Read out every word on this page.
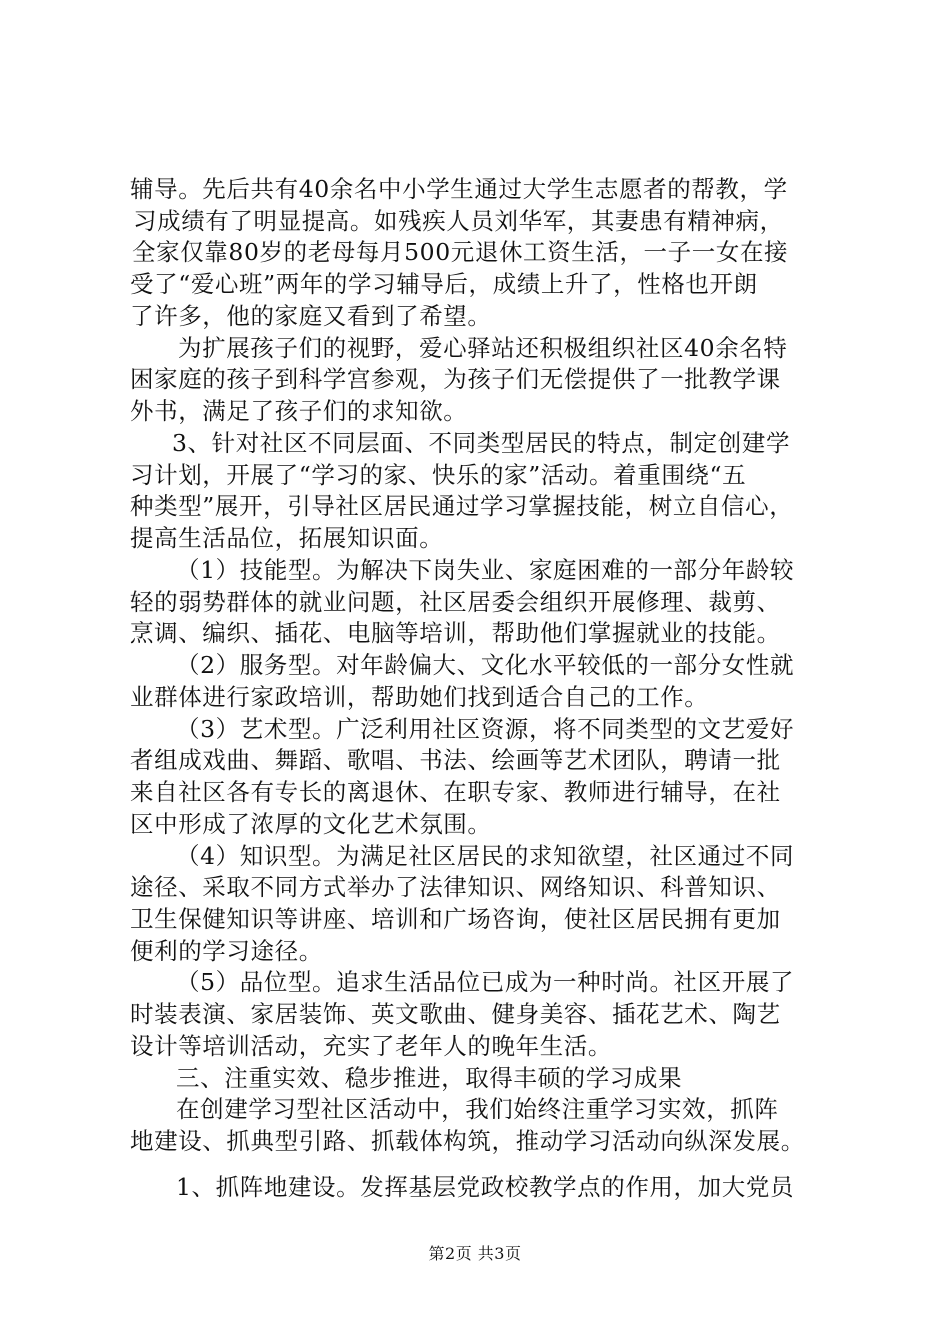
辅导。先后共有40余名中小学生通过大学生志愿者的帮教，学
习成绩有了明显提高。如残疾人员刘华军，其妻患有精神病，
全家仅靠80岁的老母每月500元退休工资生活，一子一女在接
受了“爱心班”两年的学习辅导后，成绩上升了，性格也开朗
了许多，他的家庭又看到了希望。
为扩展孩子们的视野，爱心驿站还积极组织社区40余名特
困家庭的孩子到科学宫参观，为孩子们无偿提供了一批教学课
外书，满足了孩子们的求知欲。
3、针对社区不同层面、不同类型居民的特点，制定创建学
习计划，开展了“学习的家、快乐的家”活动。着重围绕“五
种类型”展开，引导社区居民通过学习掌握技能，树立自信心，
提高生活品位，拓展知识面。
（1）技能型。为解决下岗失业、家庭困难的一部分年龄较
轻的弱势群体的就业问题，社区居委会组织开展修理、裁剪、
烹调、编织、插花、电脑等培训，帮助他们掌握就业的技能。
（2）服务型。对年龄偏大、文化水平较低的一部分女性就
业群体进行家政培训，帮助她们找到适合自己的工作。
（3）艺术型。广泛利用社区资源，将不同类型的文艺爱好
者组成戏曲、舞蹈、歌唱、书法、绘画等艺术团队，聘请一批
来自社区各有专长的离退休、在职专家、教师进行辅导，在社
区中形成了浓厚的文化艺术氛围。
（4）知识型。为满足社区居民的求知欲望，社区通过不同
途径、采取不同方式举办了法律知识、网络知识、科普知识、
卫生保健知识等讲座、培训和广场咨询，使社区居民拥有更加
便利的学习途径。
（5）品位型。追求生活品位已成为一种时尚。社区开展了
时装表演、家居装饰、英文歌曲、健身美容、插花艺术、陶艺
设计等培训活动，充实了老年人的晚年生活。
三、注重实效、稳步推进，取得丰硕的学习成果
在创建学习型社区活动中，我们始终注重学习实效，抓阵
地建设、抓典型引路、抓载体构筑，推动学习活动向纵深发展。
1、抓阵地建设。发挥基层党政校教学点的作用，加大党员
第2页 共3页
